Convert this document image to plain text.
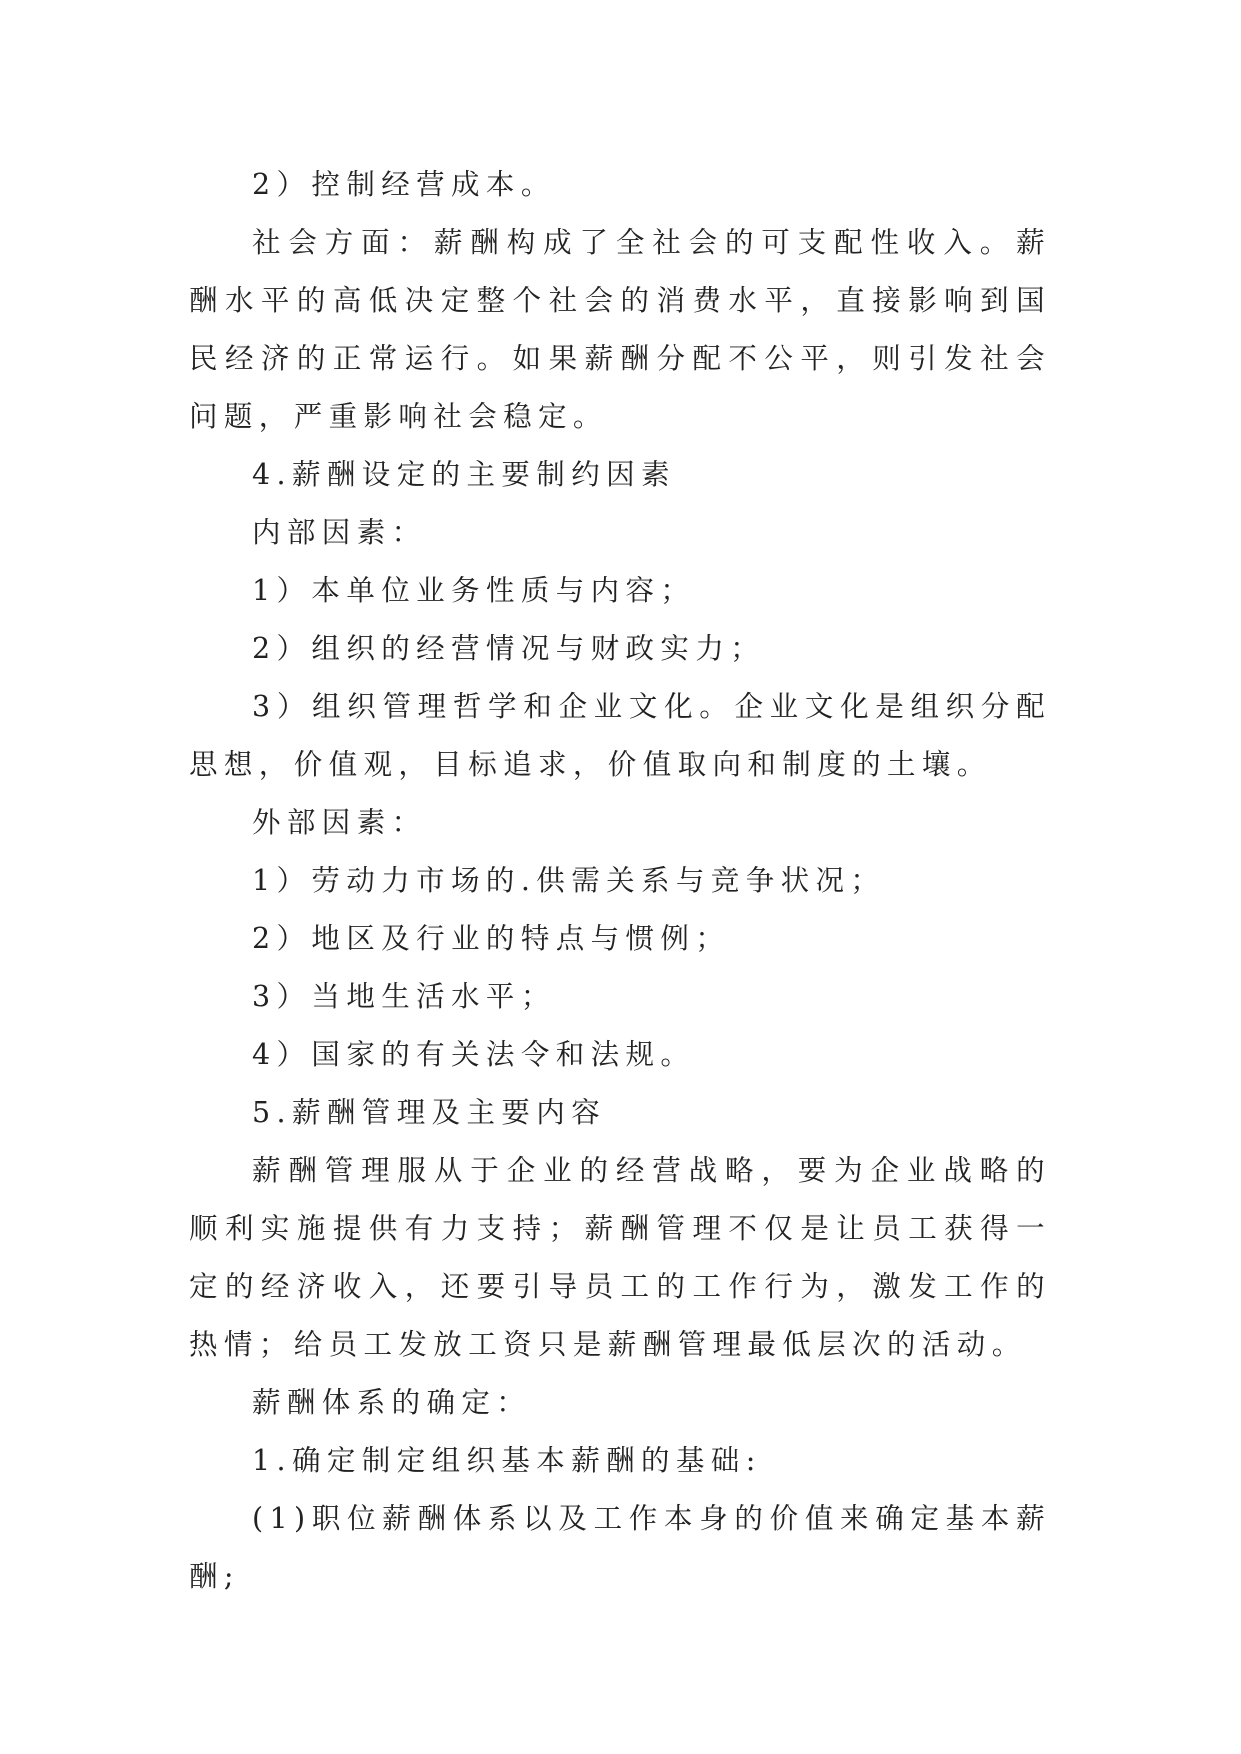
2）控制经营成本。

社会方面：薪酬构成了全社会的可支配性收入。薪酬水平的高低决定整个社会的消费水平，直接影响到国民经济的正常运行。如果薪酬分配不公平，则引发社会问题，严重影响社会稳定。

4.薪酬设定的主要制约因素

内部因素：

1）本单位业务性质与内容；

2）组织的经营情况与财政实力；

3）组织管理哲学和企业文化。企业文化是组织分配思想，价值观，目标追求，价值取向和制度的土壤。

外部因素：

1）劳动力市场的.供需关系与竞争状况；

2）地区及行业的特点与惯例；

3）当地生活水平；

4）国家的有关法令和法规。

5.薪酬管理及主要内容

薪酬管理服从于企业的经营战略，要为企业战略的顺利实施提供有力支持；薪酬管理不仅是让员工获得一定的经济收入，还要引导员工的工作行为，激发工作的热情；给员工发放工资只是薪酬管理最低层次的活动。

薪酬体系的确定：

1.确定制定组织基本薪酬的基础:

(1)职位薪酬体系以及工作本身的价值来确定基本薪酬;
